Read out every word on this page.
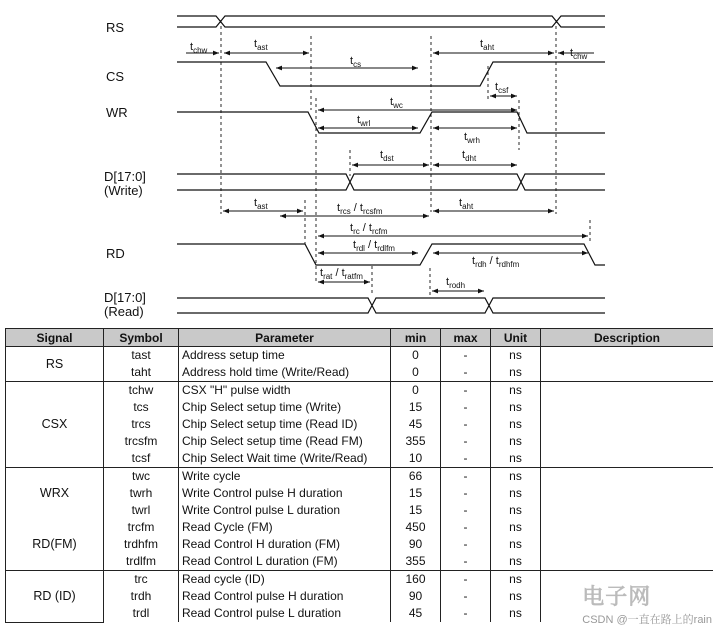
RS
CS
WR
D[17:0]
(Write)
RD
D[17:0]
(Read)
$t_{chw}$
$t_{ast}$
$t_{cs}$
$t_{aht}$	$t_{chw}$
$t_{csf}$
$t_{wc}$
$t_{wrl}$
$t_{wrh}$
$t_{dst}$	$t_{dht}$
$t_{ast}$	$t_{rcs} / t_{rcsfm}$
$t_{aht}$
$t_{rc} / t_{rcfm}$
$t_{rdl} / t_{rdlfm}$
$t_{rdh} / t_{rdhfm}$
$t_{rat} / t_{ratfm}$	$t_{rodh}$
Signal	Symbol	Parameter	min	max	Unit	Description
RS	tast	Address setup time	0	-	ns	
	taht	Address hold time (Write/Read)	0	-	ns	
CSX	tchw	CSX "H" pulse width	0	-	ns	
	tcs	Chip Select setup time (Write)	15	-	ns	
	trcs	Chip Select setup time (Read ID)	45	-	ns	
	trcsfm	Chip Select setup time (Read FM)	355	-	ns	
	tcsf	Chip Select Wait time (Write/Read)	10	-	ns	
WRX	twc	Write cycle	66	-	ns	
	twrh	Write Control pulse H duration	15	-	ns	
	twrl	Write Control pulse L duration	15	-	ns	
RD(FM)	trcfm	Read Cycle (FM)	450	-	ns	
	trdhfm	Read Control H duration (FM)	90	-	ns	
	trdlfm	Read Control L duration (FM)	355	-	ns	
RD (ID)	trc	Read cycle (ID)	160	-	ns	
	trdh	Read Control pulse H duration	90	-	ns	
	trdl	Read Control pulse L duration	45	-	ns	
电子网
CSDN @一直在路上的rain
